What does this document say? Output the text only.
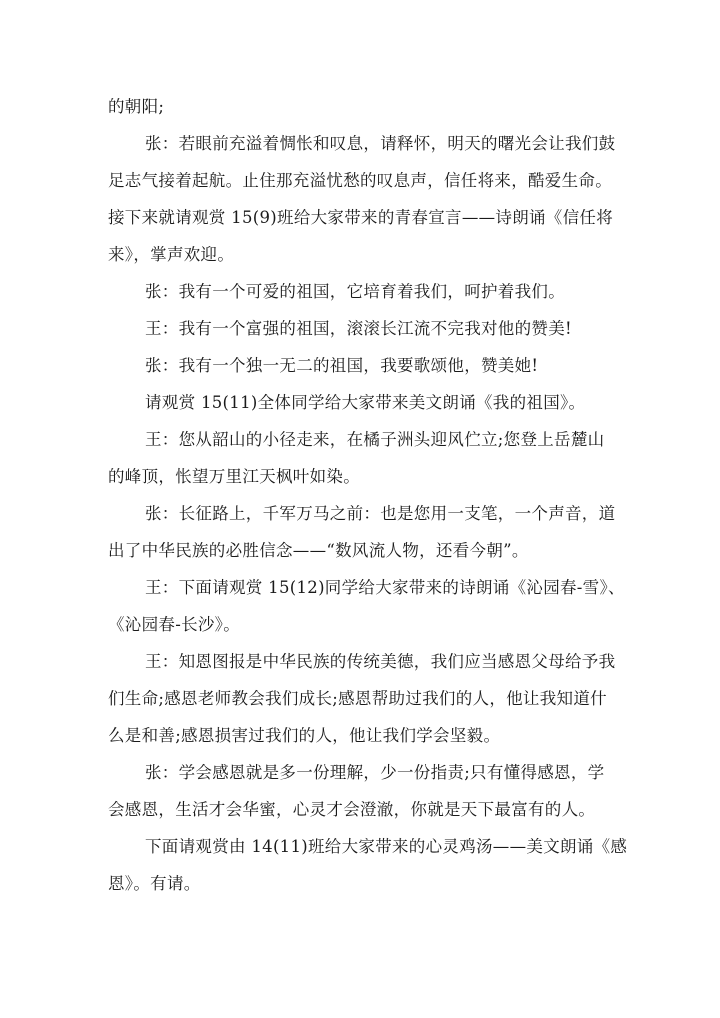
的朝阳;
张：若眼前充溢着惆怅和叹息，请释怀，明天的曙光会让我们鼓
足志气接着起航。止住那充溢忧愁的叹息声，信任将来，酷爱生命。
接下来就请观赏 15(9)班给大家带来的青春宣言——诗朗诵《信任将
来》，掌声欢迎。
张：我有一个可爱的祖国，它培育着我们，呵护着我们。
王：我有一个富强的祖国，滚滚长江流不完我对他的赞美!
张：我有一个独一无二的祖国，我要歌颂他，赞美她!
请观赏 15(11)全体同学给大家带来美文朗诵《我的祖国》。
王：您从韶山的小径走来，在橘子洲头迎风伫立;您登上岳麓山
的峰顶，怅望万里江天枫叶如染。
张：长征路上，千军万马之前：也是您用一支笔，一个声音，道
出了中华民族的必胜信念——“数风流人物，还看今朝”。
王：下面请观赏 15(12)同学给大家带来的诗朗诵《沁园春-雪》、
《沁园春-长沙》。
王：知恩图报是中华民族的传统美德，我们应当感恩父母给予我
们生命;感恩老师教会我们成长;感恩帮助过我们的人，他让我知道什
么是和善;感恩损害过我们的人，他让我们学会坚毅。
张：学会感恩就是多一份理解，少一份指责;只有懂得感恩，学
会感恩，生活才会华蜜，心灵才会澄澈，你就是天下最富有的人。
下面请观赏由 14(11)班给大家带来的心灵鸡汤——美文朗诵《感
恩》。有请。
